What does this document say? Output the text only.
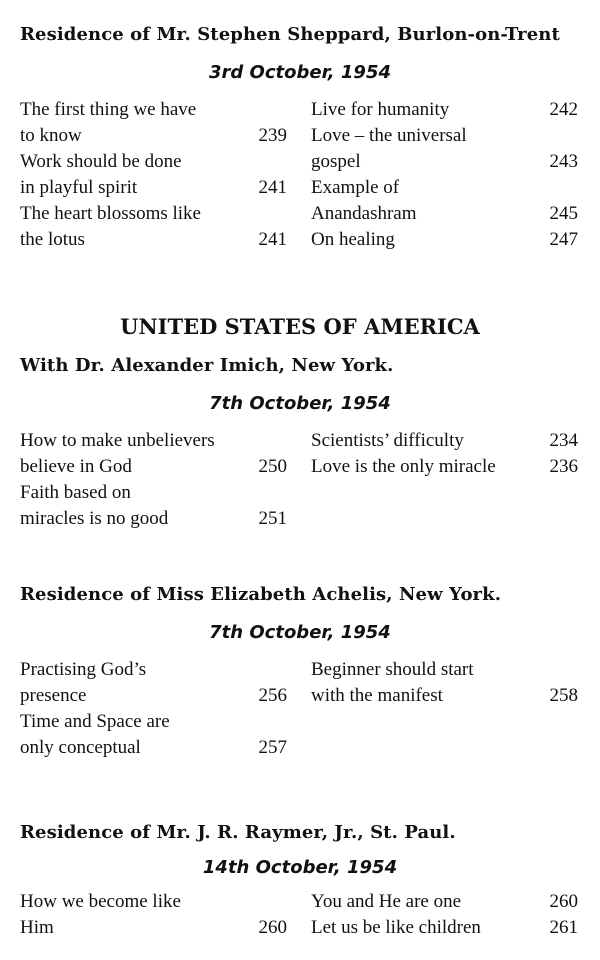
Residence of Mr. Stephen Sheppard, Burlon-on-Trent
3rd October, 1954
The first thing we have
to know	239
Work should be done
in playful spirit	241
The heart blossoms like
the lotus	241
Live for humanity	242
Love – the universal
gospel	243
Example of
Anandashram	245
On healing	247
UNITED STATES OF AMERICA
With Dr. Alexander Imich, New York.
7th October, 1954
How to make unbelievers
believe in God	250
Faith based on
miracles is no good	251
Scientists’ difficulty	234
Love is the only miracle	236
Residence of Miss Elizabeth Achelis, New York.
7th October, 1954
Practising God’s
presence	256
Time and Space are
only conceptual	257
Beginner should start
with the manifest	258
Residence of Mr. J. R. Raymer, Jr., St. Paul.
14th October, 1954
How we become like
Him	260
You and He are one	260
Let us be like children	261
